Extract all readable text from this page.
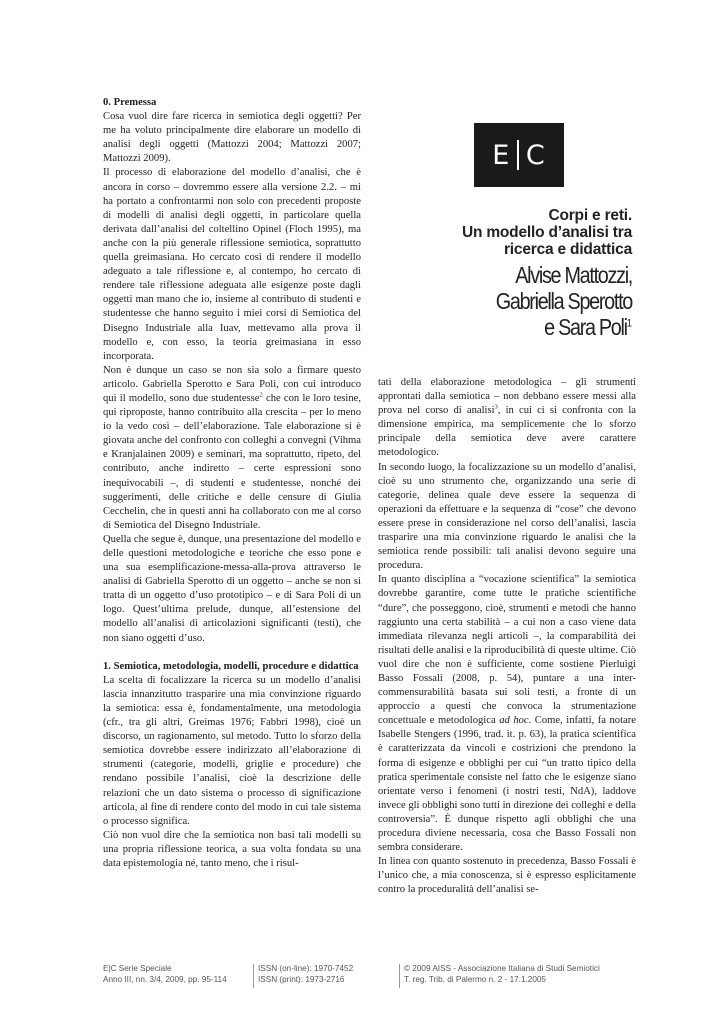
0. Premessa

Cosa vuol dire fare ricerca in semiotica degli oggetti? Per me ha voluto principalmente dire elaborare un modello di analisi degli oggetti (Mattozzi 2004; Mattozzi 2007; Mattozzi 2009).

Il processo di elaborazione del modello d’analisi, che è ancora in corso – dovremmo essere alla versione 2.2. – mi ha portato a confrontarmi non solo con precedenti proposte di modelli di analisi degli oggetti, in particolare quella derivata dall’analisi del coltellino Opinel (Floch 1995), ma anche con la più generale riflessione semiotica, soprattutto quella greimasiana. Ho cercato così di rendere il modello adeguato a tale riflessione e, al contempo, ho cercato di rendere tale riflessione adeguata alle esigenze poste dagli oggetti man mano che io, insieme al contributo di studenti e studentesse che hanno seguito i miei corsi di Semiotica del Disegno Industriale alla Iuav, mettevamo alla prova il modello e, con esso, la teoria greimasiana in esso incorporata.

Non è dunque un caso se non sia solo a firmare questo articolo. Gabriella Sperotto e Sara Poli, con cui introduco qui il modello, sono due studentesse$^2$ che con le loro tesine, qui riproposte, hanno contribuito alla crescita – per lo meno io la vedo così – dell’elaborazione. Tale elaborazione si è giovata anche del confronto con colleghi a convegni (Vihma e Kranjalainen 2009) e seminari, ma soprattutto, ripeto, del contributo, anche indiretto – certe espressioni sono inequivocabili –, di studenti e studentesse, nonché dei suggerimenti, delle critiche e delle censure di Giulia Cecchelin, che in questi anni ha collaborato con me al corso di Semiotica del Disegno Industriale.

Quella che segue è, dunque, una presentazione del modello e delle questioni metodologiche e teoriche che esso pone e una sua esemplificazione-messa-alla-prova attraverso le analisi di Gabriella Sperotto di un oggetto – anche se non si tratta di un oggetto d’uso prototipico – e di Sara Poli di un logo. Quest’ultima prelude, dunque, all’estensione del modello all’analisi di articolazioni significanti (testi), che non siano oggetti d’uso.

1. Semiotica, metodologia, modelli, procedure e didattica

La scelta di focalizzare la ricerca su un modello d’analisi lascia innanzitutto trasparire una mia convinzione riguardo la semiotica: essa è, fondamentalmente, una metodologia (cfr., tra gli altri, Greimas 1976; Fabbri 1998), cioè un discorso, un ragionamento, sul metodo. Tutto lo sforzo della semiotica dovrebbe essere indirizzato all’elaborazione di strumenti (categorie, modelli, griglie e procedure) che rendano possibile l’analisi, cioè la descrizione delle relazioni che un dato sistema o processo di significazione articola, al fine di rendere conto del modo in cui tale sistema o processo significa.

Ciò non vuol dire che la semiotica non basi tali modelli su una propria riflessione teorica, a sua volta fondata su una data epistemologia né, tanto meno, che i risul-

E C
Corpi e reti.
Un modello d’analisi tra
ricerca e didattica
Alvise Mattozzi,
Gabriella Sperotto
e Sara Poli$^1$

tati della elaborazione metodologica – gli strumenti approntati dalla semiotica – non debbano essere messi alla prova nel corso di analisi$^3$, in cui ci si confronta con la dimensione empirica, ma semplicemente che lo sforzo principale della semiotica deve avere carattere metodologico.

In secondo luogo, la focalizzazione su un modello d’analisi, cioè su uno strumento che, organizzando una serie di categorie, delinea quale deve essere la sequenza di operazioni da effettuare e la sequenza di “cose” che devono essere prese in considerazione nel corso dell’analisi, lascia trasparire una mia convinzione riguardo le analisi che la semiotica rende possibili: tali analisi devono seguire una procedura.

In quanto disciplina a “vocazione scientifica” la semiotica dovrebbe garantire, come tutte le pratiche scientifiche “dure”, che posseggono, cioè, strumenti e metodi che hanno raggiunto una certa stabilità – a cui non a caso viene data immediata rilevanza negli articoli –, la comparabilità dei risultati delle analisi e la riproducibilità di queste ultime. Ciò vuol dire che non è sufficiente, come sostiene Pierluigi Basso Fossali (2008, p. 54), puntare a una inter-commensurabilità basata sui soli testi, a fronte di un approccio a questi che convoca la strumentazione concettuale e metodologica ad hoc. Come, infatti, fa notare Isabelle Stengers (1996, trad. it. p. 63), la pratica scientifica è caratterizzata da vincoli e costrizioni che prendono la forma di esigenze e obblighi per cui “un tratto tipico della pratica sperimentale consiste nel fatto che le esigenze siano orientate verso i fenomeni (i nostri testi, NdA), laddove invece gli obblighi sono tutti in direzione dei colleghi e della controversia”. È dunque rispetto agli obblighi che una procedura diviene necessaria, cosa che Basso Fossali non sembra considerare.

In linea con quanto sostenuto in precedenza, Basso Fossali è l’unico che, a mia conoscenza, si è espresso esplicitamente contro la proceduralità dell’analisi se-

E|C Serie Speciale
Anno III, nn. 3/4, 2009, pp. 95-114
ISSN (on-line): 1970-7452
ISSN (print): 1973-2716
© 2009 AISS - Associazione Italiana di Studi Semiotici
T. reg. Trib. di Palermo n. 2 - 17.1.2005
